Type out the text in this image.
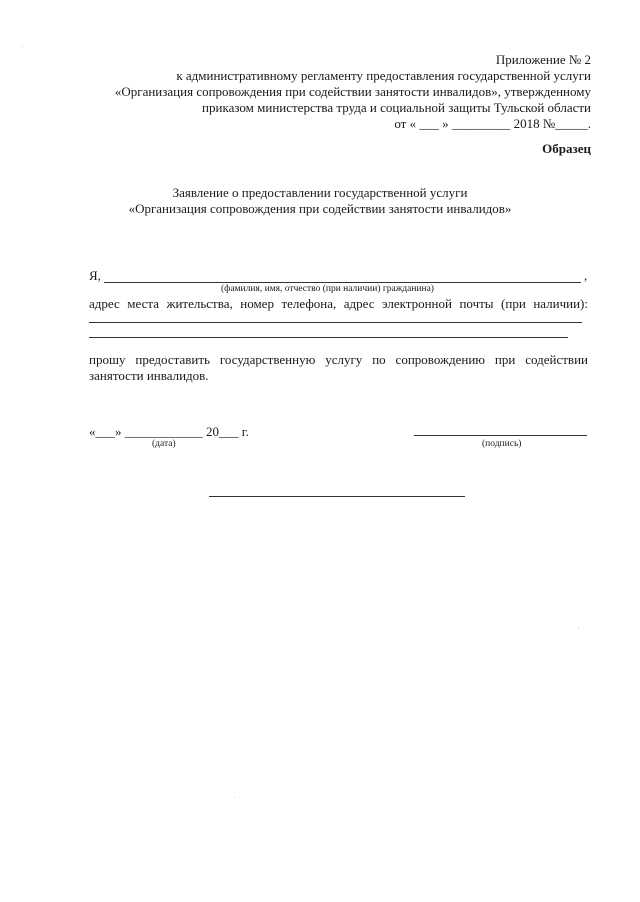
Приложение № 2
к административному регламенту предоставления государственной услуги
«Организация сопровождения при содействии занятости инвалидов», утвержденному
приказом министерства труда и социальной защиты Тульской области
от « ___ » _________ 2018 №_____.
Образец
Заявление о предоставлении государственной услуги
«Организация сопровождения при содействии занятости инвалидов»
Я,	,
(фамилия, имя, отчество (при наличии) гражданина)
адрес места жительства, номер телефона, адрес электронной почты (при наличии):
прошу предоставить государственную услугу по сопровождению при содействии
занятости инвалидов.
«___» ____________ 20___ г.
(дата)	(подпись)
